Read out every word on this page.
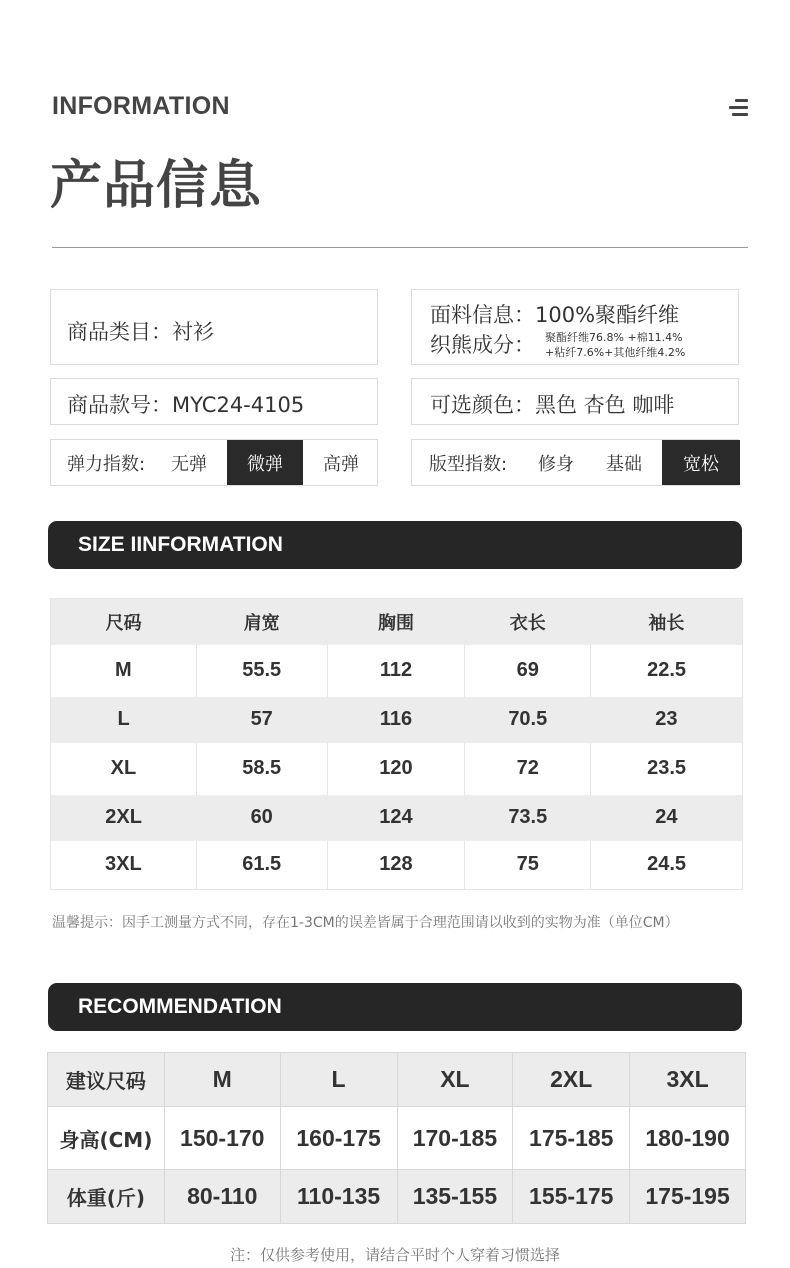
INFORMATION
产品信息
商品类目：衬衫
面料信息：100%聚酯纤维
织熊成分： 聚酯纤维76.8% +棉11.4%
+粘纤7.6%+其他纤维4.2%
商品款号：MYC24-4105	可选颜色：黑色 杏色 咖啡
弹力指数:	无弹	微弹	高弹	版型指数:	修身	基础	宽松
SIZE IINFORMATION
尺码	肩宽	胸围	衣长	袖长
M	55.5	112	69	22.5
L	57	116	70.5	23
XL	58.5	120	72	23.5
2XL	60	124	73.5	24
3XL	61.5	128	75	24.5
温馨提示：因手工测量方式不同，存在1-3CM的误差皆属于合理范围请以收到的实物为准（单位CM）
RECOMMENDATION
建议尺码	M	L	XL	2XL	3XL
身高(CM)	150-170	160-175	170-185	175-185	180-190
体重(斤)	80-110	110-135	135-155	155-175	175-195
注：仅供参考使用，请结合平时个人穿着习惯选择
